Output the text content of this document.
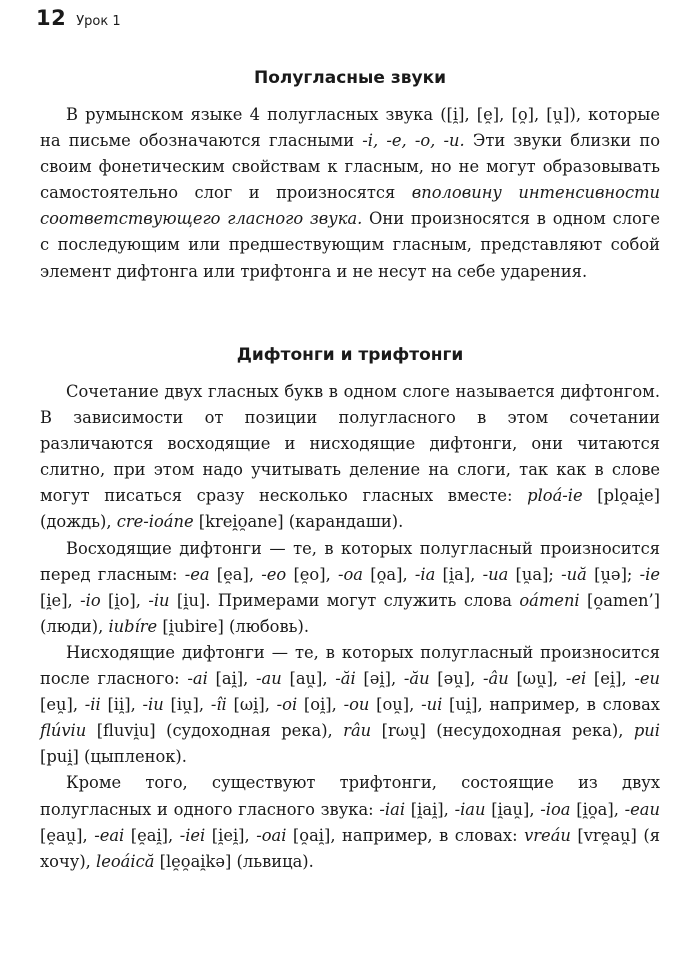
12 Урок 1
Полугласные звуки

В румынском языке 4 полугласных звука ([i̯], [e̯], [o̯], [u̯]), которые на письме обозначаются гласными -i, -e, -o, -u. Эти звуки близки по своим фонетическим свойствам к гласным, но не могут образовывать самостоятельно слог и произносятся вполовину интенсивности соответствующего гласного звука. Они произносятся в одном слоге с последующим или предшествующим гласным, представляют собой элемент дифтонга или трифтонга и не несут на себе ударения.

Дифтонги и трифтонги

Сочетание двух гласных букв в одном слоге называется дифтонгом. В зависимости от позиции полугласного в этом сочетании различаются восходящие и нисходящие дифтонги, они читаются слитно, при этом надо учитывать деление на слоги, так как в слове могут писаться сразу несколько гласных вместе: ploá-ie [plo̯ai̯e] (дождь), cre-ioáne [krei̯o̯ane] (карандаши).

Восходящие дифтонги — те, в которых полугласный произносится перед гласным: -ea [e̯a], -eo [e̯o], -oa [o̯a], -ia [i̯a], -ua [u̯a]; -uă [u̯ə]; -ie [i̯e], -io [i̯o], -iu [i̯u]. Примерами могут служить слова oámeni [o̯amen’] (люди), iubíre [i̯ubire] (любовь).

Нисходящие дифтонги — те, в которых полугласный произносится после гласного: -ai [ai̯], -au [au̯], -ăi [əi̯], -ău [əu̯], -âu [ωu̯], -ei [ei̯], -eu [eu̯], -ii [ii̯], -iu [iu̯], -îi [ωi̯], -oi [oi̯], -ou [ou̯], -ui [ui̯], например, в словах flúviu [fluvi̯u] (судоходная река), râu [rωu̯] (несудоходная река), pui [pui̯] (цыпленок).

Кроме того, существуют трифтонги, состоящие из двух полугласных и одного гласного звука: -iai [i̯ai̯], -iau [i̯au̯], -ioa [i̯o̯a], -eau [e̯au̯], -eai [e̯ai̯], -iei [i̯ei̯], -oai [o̯ai̯], например, в словах: vreáu [vre̯au̯] (я хочу), leoáică [le̯o̯ai̯kə] (львица).
